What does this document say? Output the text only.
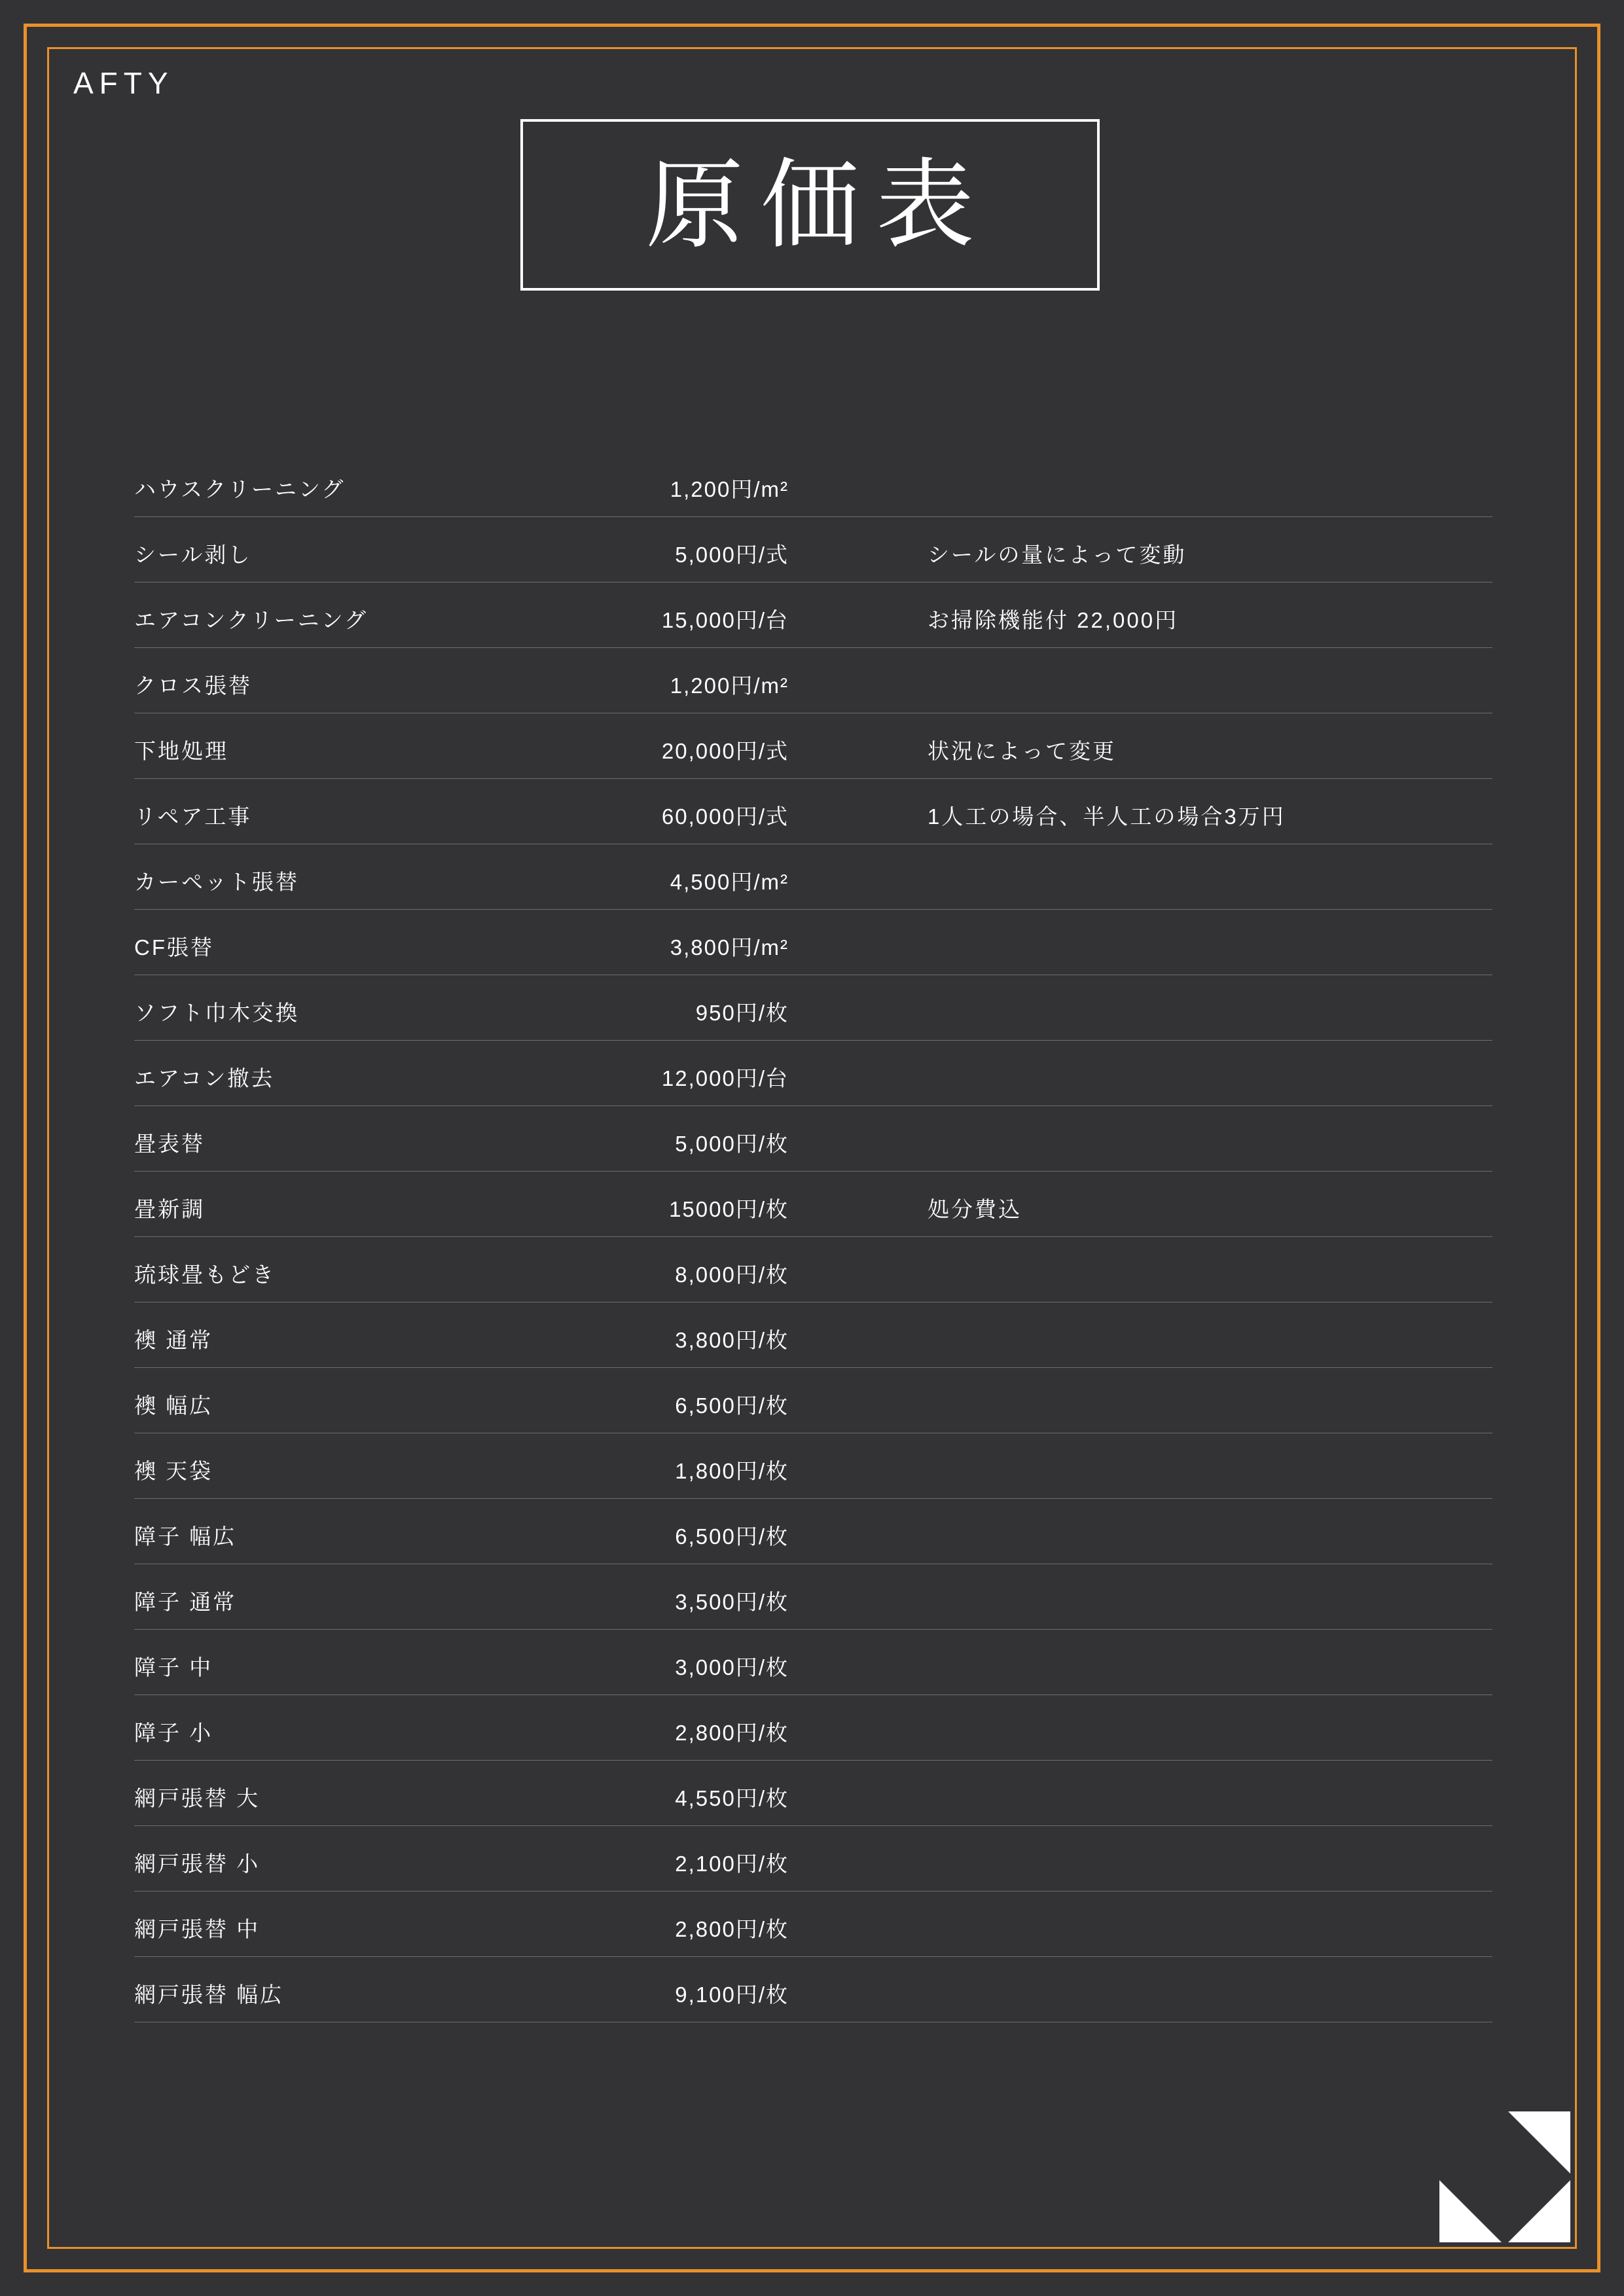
AFTY
原価表
ハウスクリーニング	1,200円/m²
シール剥し	5,000円/式	シールの量によって変動
エアコンクリーニング	15,000円/台	お掃除機能付 22,000円
クロス張替	1,200円/m²
下地処理	20,000円/式	状況によって変更
リペア工事	60,000円/式	1人工の場合、半人工の場合3万円
カーペット張替	4,500円/m²
CF張替	3,800円/m²
ソフト巾木交換	950円/枚
エアコン撤去	12,000円/台
畳表替	5,000円/枚
畳新調	15000円/枚	処分費込
琉球畳もどき	8,000円/枚
襖 通常	3,800円/枚
襖 幅広	6,500円/枚
襖 天袋	1,800円/枚
障子 幅広	6,500円/枚
障子 通常	3,500円/枚
障子 中	3,000円/枚
障子 小	2,800円/枚
網戸張替 大	4,550円/枚
網戸張替 小	2,100円/枚
網戸張替 中	2,800円/枚
網戸張替 幅広	9,100円/枚
